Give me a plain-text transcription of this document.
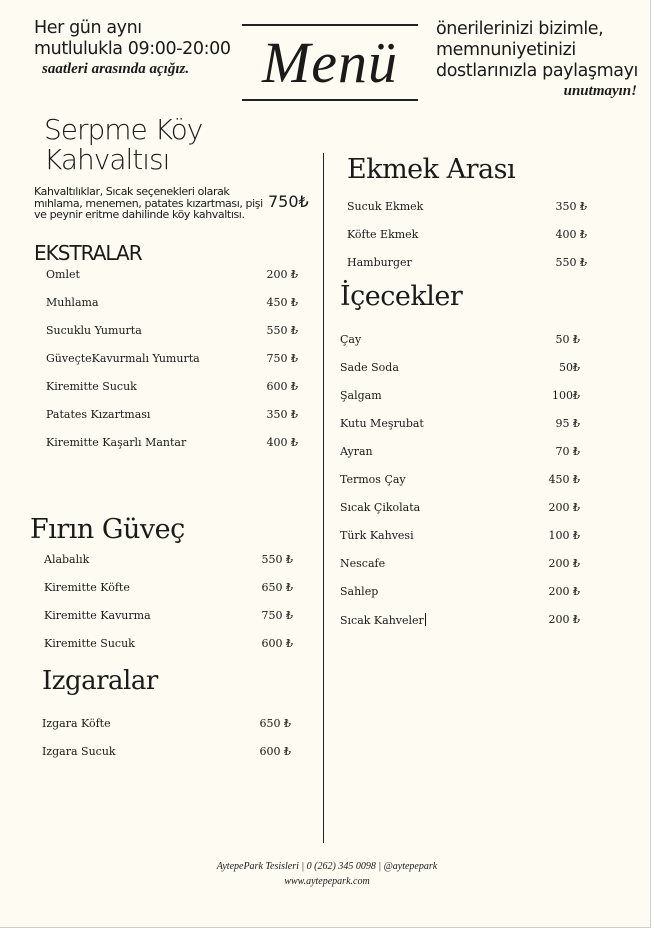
Her gün aynı
mutlulukla 09:00-20:00
saatleri arasında açığız.	Menü
önerilerinizi bizimle,
memnuniyetinizi
dostlarınızla paylaşmayı
unutmayın!
Serpme Köy
Kahvaltısı
Kahvaltılıklar, Sıcak seçenekleri olarak mıhlama, menemen, patates kızartması, pişi ve peynir eritme dahilinde köy kahvaltısı.
750₺
EKSTRALAR
Omlet	200 ₺
Muhlama	450 ₺
Sucuklu Yumurta	550 ₺
GüveçteKavurmalı Yumurta	750 ₺
Kiremitte Sucuk	600 ₺
Patates Kızartması	350 ₺
Kiremitte Kaşarlı Mantar	400 ₺
Fırın Güveç
Alabalık	550 ₺
Kiremitte Köfte	650 ₺
Kiremitte Kavurma	750 ₺
Kiremitte Sucuk	600 ₺
Izgaralar
Izgara Köfte	650 ₺
Izgara Sucuk	600 ₺
Ekmek Arası
Sucuk Ekmek	350 ₺
Köfte Ekmek	400 ₺
Hamburger	550 ₺
İçecekler
Çay	50 ₺
Sade Soda	50₺
Şalgam	100₺
Kutu Meşrubat	95 ₺
Ayran	70 ₺
Termos Çay	450 ₺
Sıcak Çikolata	200 ₺
Türk Kahvesi	100 ₺
Nescafe	200 ₺
Sahlep	200 ₺
Sıcak Kahveler	200 ₺
AytepePark Tesisleri | 0 (262) 345 0098 | @aytepepark
www.aytepepark.com
